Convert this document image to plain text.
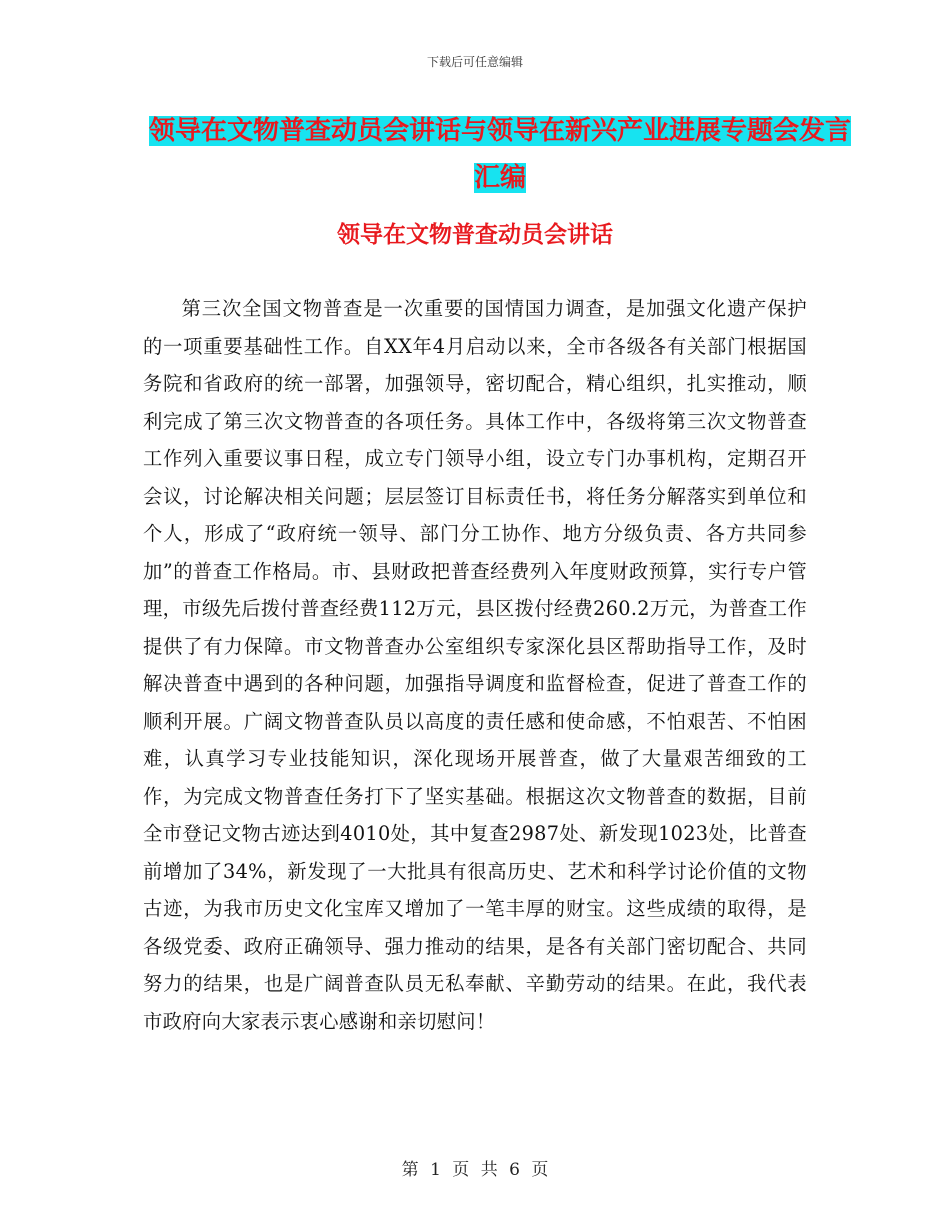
下载后可任意编辑
领导在文物普查动员会讲话与领导在新兴产业进展专题会发言汇编
领导在文物普查动员会讲话

第三次全国文物普查是一次重要的国情国力调查，是加强文化遗产保护的一项重要基础性工作。自XX年4月启动以来，全市各级各有关部门根据国务院和省政府的统一部署，加强领导，密切配合，精心组织，扎实推动，顺利完成了第三次文物普查的各项任务。具体工作中，各级将第三次文物普查工作列入重要议事日程，成立专门领导小组，设立专门办事机构，定期召开会议，讨论解决相关问题；层层签订目标责任书，将任务分解落实到单位和个人，形成了“政府统一领导、部门分工协作、地方分级负责、各方共同参加”的普查工作格局。市、县财政把普查经费列入年度财政预算，实行专户管理，市级先后拨付普查经费112万元，县区拨付经费260.2万元，为普查工作提供了有力保障。市文物普查办公室组织专家深化县区帮助指导工作，及时解决普查中遇到的各种问题，加强指导调度和监督检查，促进了普查工作的顺利开展。广阔文物普查队员以高度的责任感和使命感，不怕艰苦、不怕困难，认真学习专业技能知识，深化现场开展普查，做了大量艰苦细致的工作，为完成文物普查任务打下了坚实基础。根据这次文物普查的数据，目前全市登记文物古迹达到4010处，其中复查2987处、新发现1023处，比普查前增加了34%，新发现了一大批具有很高历史、艺术和科学讨论价值的文物古迹，为我市历史文化宝库又增加了一笔丰厚的财宝。这些成绩的取得，是各级党委、政府正确领导、强力推动的结果，是各有关部门密切配合、共同努力的结果，也是广阔普查队员无私奉献、辛勤劳动的结果。在此，我代表市政府向大家表示衷心感谢和亲切慰问！

第 1 页 共 6 页
